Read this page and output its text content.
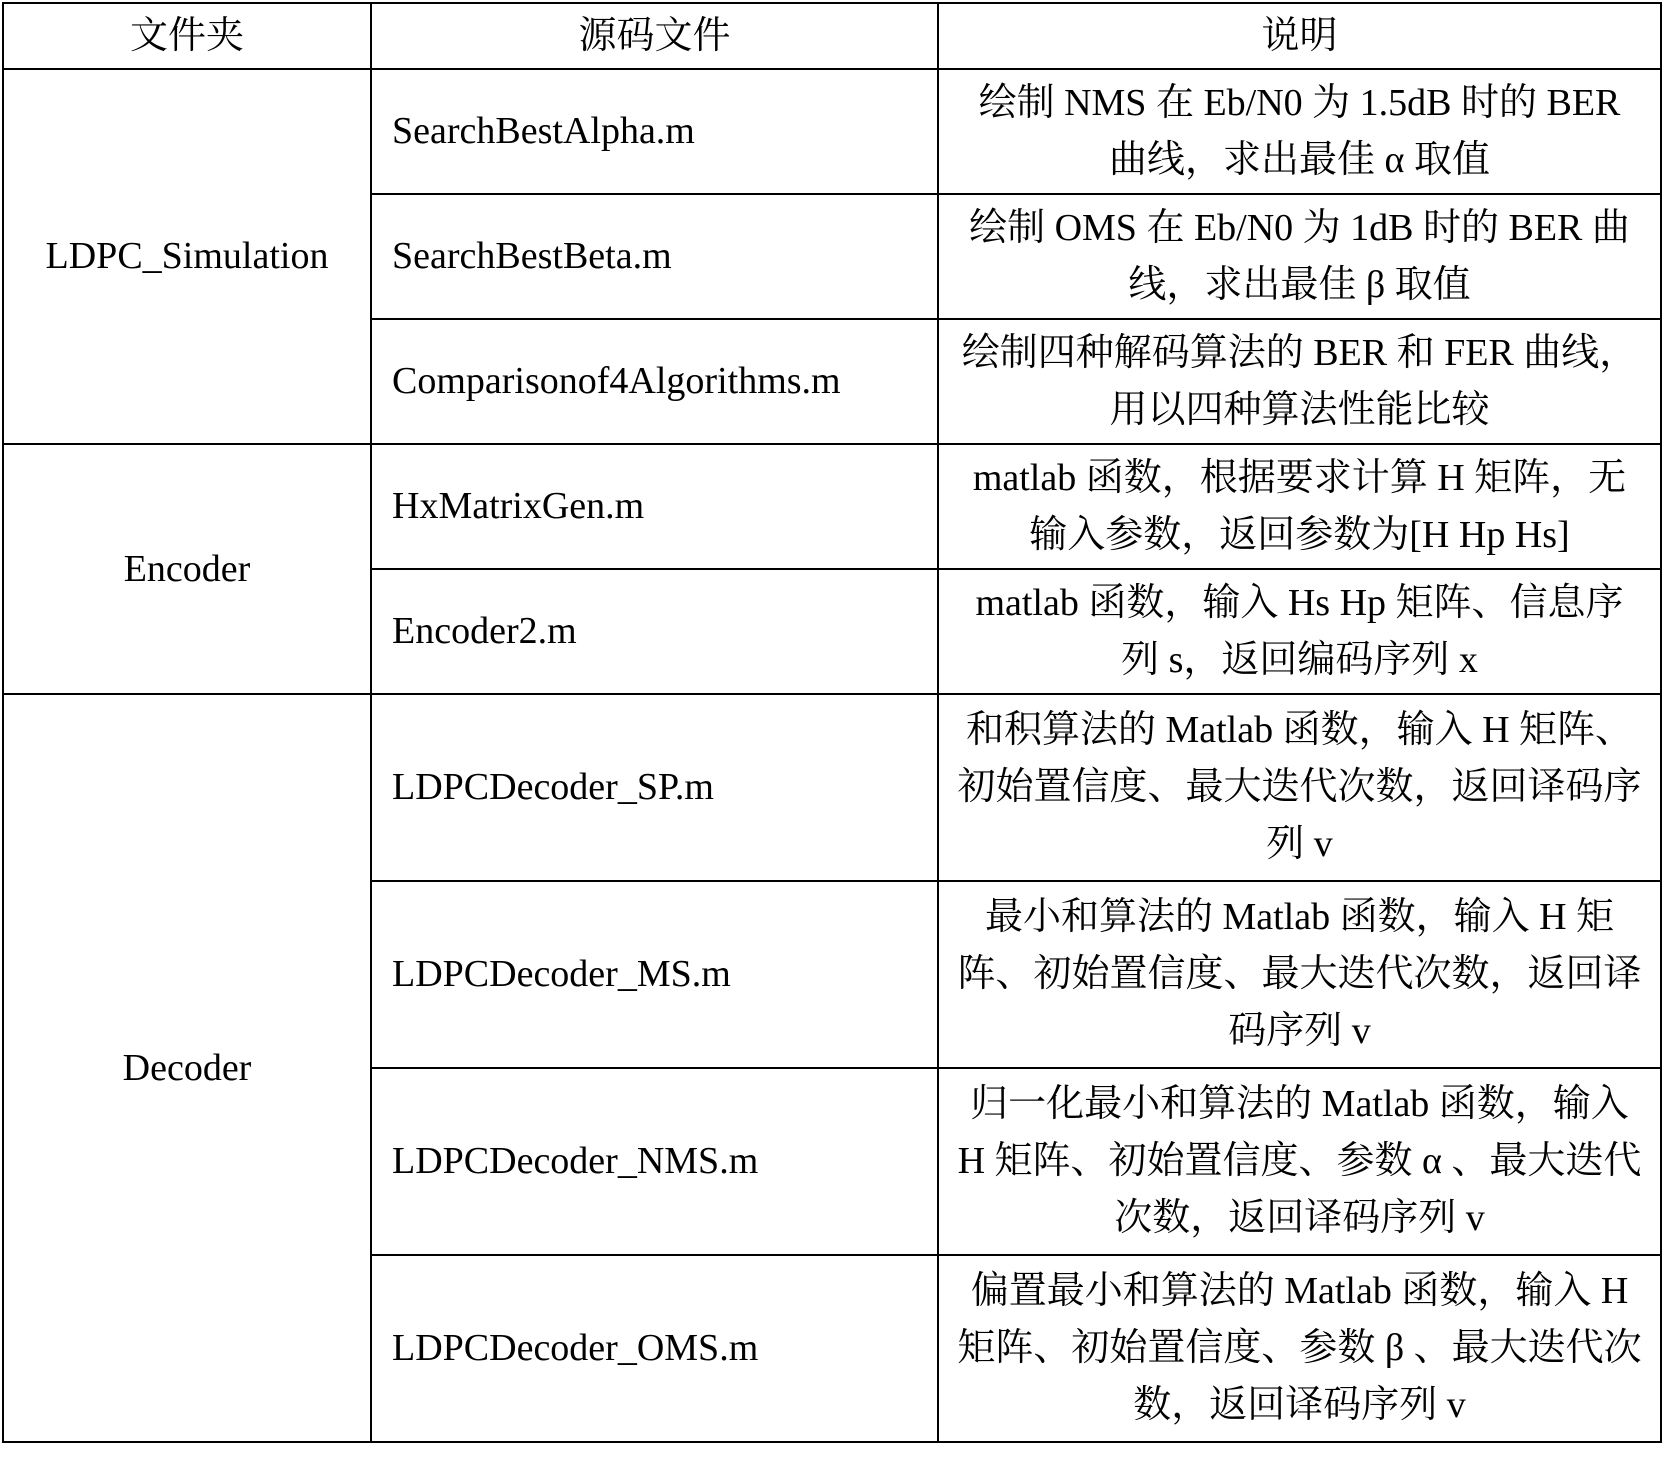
文件夹	源码文件	说明
LDPC_Simulation	SearchBestAlpha.m	绘制 NMS 在 Eb/N0 为 1.5dB 时的 BER 曲线，求出最佳 α 取值
	SearchBestBeta.m	绘制 OMS 在 Eb/N0 为 1dB 时的 BER 曲线，求出最佳 β 取值
	Comparisonof4Algorithms.m	绘制四种解码算法的 BER 和 FER 曲线，用以四种算法性能比较
Encoder	HxMatrixGen.m	matlab 函数，根据要求计算 H 矩阵，无输入参数，返回参数为[H Hp Hs]
	Encoder2.m	matlab 函数，输入 Hs Hp 矩阵、信息序列 s，返回编码序列 x
Decoder	LDPCDecoder_SP.m	和积算法的 Matlab 函数，输入 H 矩阵、初始置信度、最大迭代次数，返回译码序列 v
	LDPCDecoder_MS.m	最小和算法的 Matlab 函数，输入 H 矩阵、初始置信度、最大迭代次数，返回译码序列 v
	LDPCDecoder_NMS.m	归一化最小和算法的 Matlab 函数，输入 H 矩阵、初始置信度、参数 α 、最大迭代次数，返回译码序列 v
	LDPCDecoder_OMS.m	偏置最小和算法的 Matlab 函数，输入 H 矩阵、初始置信度、参数 β 、最大迭代次数，返回译码序列 v
